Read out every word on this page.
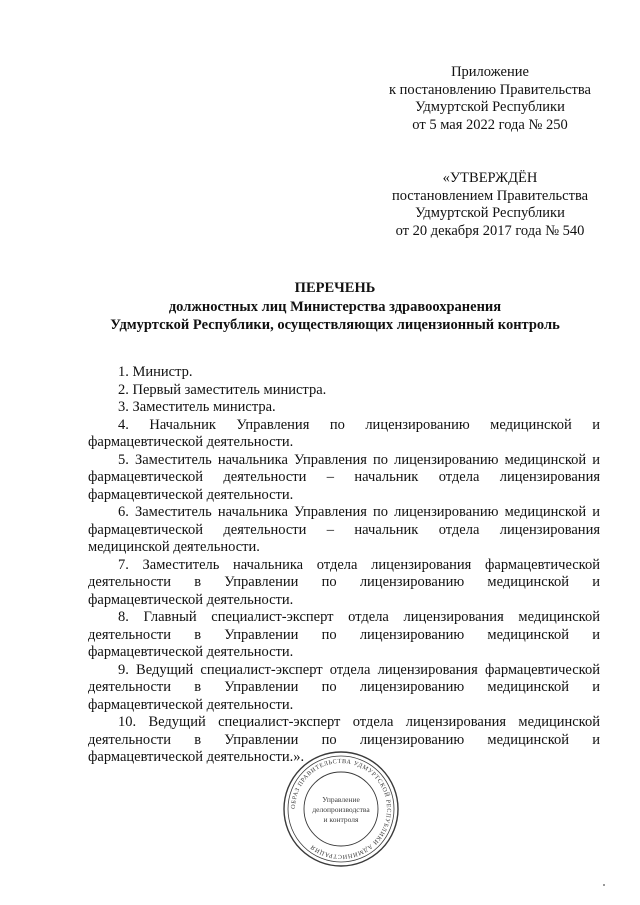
Приложение
к постановлению Правительства
Удмуртской Республики
от 5 мая 2022 года № 250
«УТВЕРЖДЁН
постановлением Правительства
Удмуртской Республики
от 20 декабря 2017 года № 540
ПЕРЕЧЕНЬ
должностных лиц Министерства здравоохранения
Удмуртской Республики, осуществляющих лицензионный контроль

1. Министр.

2. Первый заместитель министра.

3. Заместитель министра.

4. Начальник Управления по лицензированию медицинской и фармацевтической деятельности.

5. Заместитель начальника Управления по лицензированию медицинской и фармацевтической деятельности – начальник отдела лицензирования фармацевтической деятельности.

6. Заместитель начальника Управления по лицензированию медицинской и фармацевтической деятельности – начальник отдела лицензирования медицинской деятельности.

7. Заместитель начальника отдела лицензирования фармацевтической деятельности в Управлении по лицензированию медицинской и фармацевтической деятельности.

8. Главный специалист-эксперт отдела лицензирования медицинской деятельности в Управлении по лицензированию медицинской и фармацевтической деятельности.

9. Ведущий специалист-эксперт отдела лицензирования фармацевтической деятельности в Управлении по лицензированию медицинской и фармацевтической деятельности.

10. Ведущий специалист-эксперт отдела лицензирования медицинской деятельности в Управлении по лицензированию медицинской и фармацевтической деятельности.».

ОБРАЗ ПРАВИТЕЛЬСТВА УДМУРТСКОЙ РЕСПУБЛИКИ АДМИНИСТРАЦИЯ
Управление
делопроизводства
и контроля
